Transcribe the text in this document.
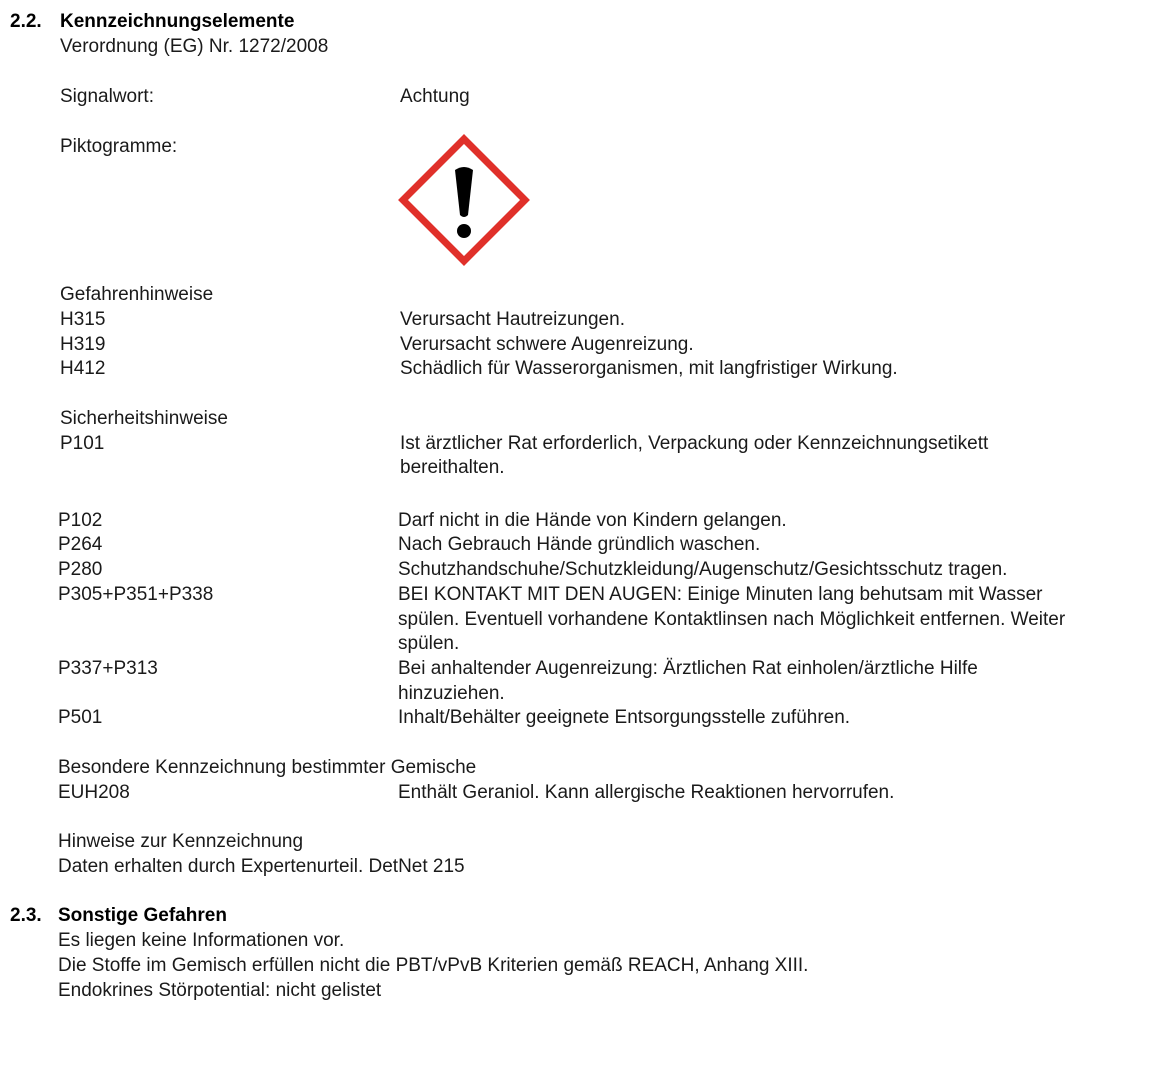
2.2. Kennzeichnungselemente
Verordnung (EG) Nr. 1272/2008
Signalwort:	Achtung
Piktogramme:
Gefahrenhinweise
H315	Verursacht Hautreizungen.
H319	Verursacht schwere Augenreizung.
H412	Schädlich für Wasserorganismen, mit langfristiger Wirkung.
Sicherheitshinweise
P101	Ist ärztlicher Rat erforderlich, Verpackung oder Kennzeichnungsetikett
bereithalten.
P102	Darf nicht in die Hände von Kindern gelangen.
P264	Nach Gebrauch Hände gründlich waschen.
P280	Schutzhandschuhe/Schutzkleidung/Augenschutz/Gesichtsschutz tragen.
P305+P351+P338	BEI KONTAKT MIT DEN AUGEN: Einige Minuten lang behutsam mit Wasser
spülen. Eventuell vorhandene Kontaktlinsen nach Möglichkeit entfernen. Weiter
spülen.
P337+P313	Bei anhaltender Augenreizung: Ärztlichen Rat einholen/ärztliche Hilfe
hinzuziehen.
P501	Inhalt/Behälter geeignete Entsorgungsstelle zuführen.
Besondere Kennzeichnung bestimmter Gemische
EUH208	Enthält Geraniol. Kann allergische Reaktionen hervorrufen.
Hinweise zur Kennzeichnung
Daten erhalten durch Expertenurteil. DetNet 215
2.3. Sonstige Gefahren
Es liegen keine Informationen vor.
Die Stoffe im Gemisch erfüllen nicht die PBT/vPvB Kriterien gemäß REACH, Anhang XIII.
Endokrines Störpotential: nicht gelistet
